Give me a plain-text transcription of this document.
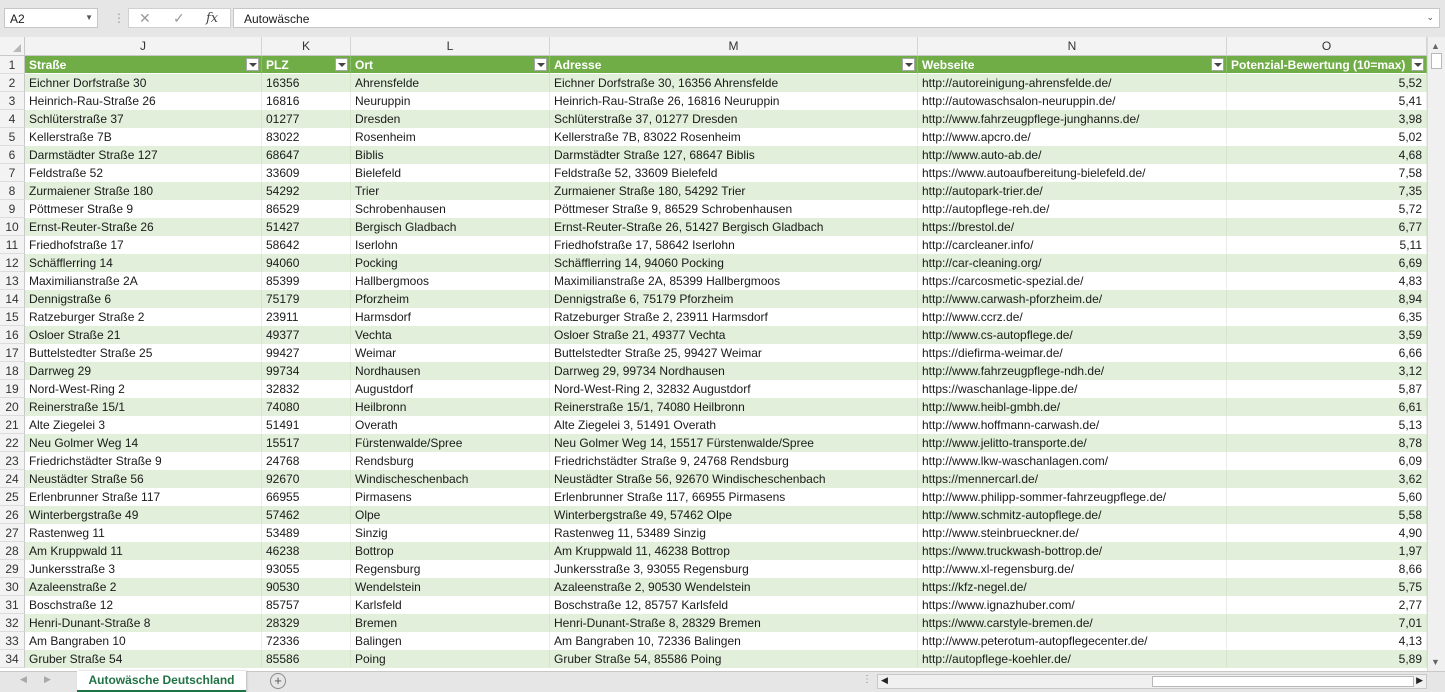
A2	▼ ⋮ ✕ ✓ fx Autowäsche	⌄
J	K	L	M	N	O
1	Straße	PLZ	Ort	Adresse	Webseite	Potenzial-Bewertung (10=max)
2	Eichner Dorfstraße 30	16356	Ahrensfelde	Eichner Dorfstraße 30, 16356 Ahrensfelde	http://autoreinigung-ahrensfelde.de/	5,52
3	Heinrich-Rau-Straße 26	16816	Neuruppin	Heinrich-Rau-Straße 26, 16816 Neuruppin	http://autowaschsalon-neuruppin.de/	5,41
4	Schlüterstraße 37	01277	Dresden	Schlüterstraße 37, 01277 Dresden	http://www.fahrzeugpflege-junghanns.de/	3,98
5	Kellerstraße 7B	83022	Rosenheim	Kellerstraße 7B, 83022 Rosenheim	http://www.apcro.de/	5,02
6	Darmstädter Straße 127	68647	Biblis	Darmstädter Straße 127, 68647 Biblis	http://www.auto-ab.de/	4,68
7	Feldstraße 52	33609	Bielefeld	Feldstraße 52, 33609 Bielefeld	https://www.autoaufbereitung-bielefeld.de/	7,58
8	Zurmaiener Straße 180	54292	Trier	Zurmaiener Straße 180, 54292 Trier	http://autopark-trier.de/	7,35
9	Pöttmeser Straße 9	86529	Schrobenhausen	Pöttmeser Straße 9, 86529 Schrobenhausen	http://autopflege-reh.de/	5,72
10 Ernst-Reuter-Straße 26	51427	Bergisch Gladbach	Ernst-Reuter-Straße 26, 51427 Bergisch Gladbach	https://brestol.de/	6,77
11 Friedhofstraße 17	58642	Iserlohn	Friedhofstraße 17, 58642 Iserlohn	http://carcleaner.info/	5,11
12 Schäfflerring 14	94060	Pocking	Schäfflerring 14, 94060 Pocking	http://car-cleaning.org/	6,69
13 Maximilianstraße 2A	85399	Hallbergmoos	Maximilianstraße 2A, 85399 Hallbergmoos	https://carcosmetic-spezial.de/	4,83
14 Dennigstraße 6	75179	Pforzheim	Dennigstraße 6, 75179 Pforzheim	http://www.carwash-pforzheim.de/	8,94
15 Ratzeburger Straße 2	23911	Harmsdorf	Ratzeburger Straße 2, 23911 Harmsdorf	http://www.ccrz.de/	6,35
16 Osloer Straße 21	49377	Vechta	Osloer Straße 21, 49377 Vechta	http://www.cs-autopflege.de/	3,59
17 Buttelstedter Straße 25	99427	Weimar	Buttelstedter Straße 25, 99427 Weimar	https://diefirma-weimar.de/	6,66
18 Darrweg 29	99734	Nordhausen	Darrweg 29, 99734 Nordhausen	http://www.fahrzeugpflege-ndh.de/	3,12
19 Nord-West-Ring 2	32832	Augustdorf	Nord-West-Ring 2, 32832 Augustdorf	https://waschanlage-lippe.de/	5,87
20 Reinerstraße 15/1	74080	Heilbronn	Reinerstraße 15/1, 74080 Heilbronn	http://www.heibl-gmbh.de/	6,61
21 Alte Ziegelei 3	51491	Overath	Alte Ziegelei 3, 51491 Overath	http://www.hoffmann-carwash.de/	5,13
22 Neu Golmer Weg 14	15517	Fürstenwalde/Spree	Neu Golmer Weg 14, 15517 Fürstenwalde/Spree	http://www.jelitto-transporte.de/	8,78
23 Friedrichstädter Straße 9	24768	Rendsburg	Friedrichstädter Straße 9, 24768 Rendsburg	http://www.lkw-waschanlagen.com/	6,09
24 Neustädter Straße 56	92670	Windischeschenbach	Neustädter Straße 56, 92670 Windischeschenbach	https://mennercarl.de/	3,62
25 Erlenbrunner Straße 117	66955	Pirmasens	Erlenbrunner Straße 117, 66955 Pirmasens	http://www.philipp-sommer-fahrzeugpflege.de/	5,60
26 Winterbergstraße 49	57462	Olpe	Winterbergstraße 49, 57462 Olpe	http://www.schmitz-autopflege.de/	5,58
27 Rastenweg 11	53489	Sinzig	Rastenweg 11, 53489 Sinzig	http://www.steinbrueckner.de/	4,90
28 Am Kruppwald 11	46238	Bottrop	Am Kruppwald 11, 46238 Bottrop	https://www.truckwash-bottrop.de/	1,97
29 Junkersstraße 3	93055	Regensburg	Junkersstraße 3, 93055 Regensburg	http://www.xl-regensburg.de/	8,66
30 Azaleenstraße 2	90530	Wendelstein	Azaleenstraße 2, 90530 Wendelstein	https://kfz-negel.de/	5,75
31 Boschstraße 12	85757	Karlsfeld	Boschstraße 12, 85757 Karlsfeld	https://www.ignazhuber.com/	2,77
32 Henri-Dunant-Straße 8	28329	Bremen	Henri-Dunant-Straße 8, 28329 Bremen	https://www.carstyle-bremen.de/	7,01
33 Am Bangraben 10	72336	Balingen	Am Bangraben 10, 72336 Balingen	http://www.peterotum-autopflegecenter.de/	4,13
34 Gruber Straße 54	85586	Poing	Gruber Straße 54, 85586 Poing	http://autopflege-koehler.de/	5,89
▲
▼
◀ ▶	Autowäsche Deutschland	+	⋮ ◀	▶
